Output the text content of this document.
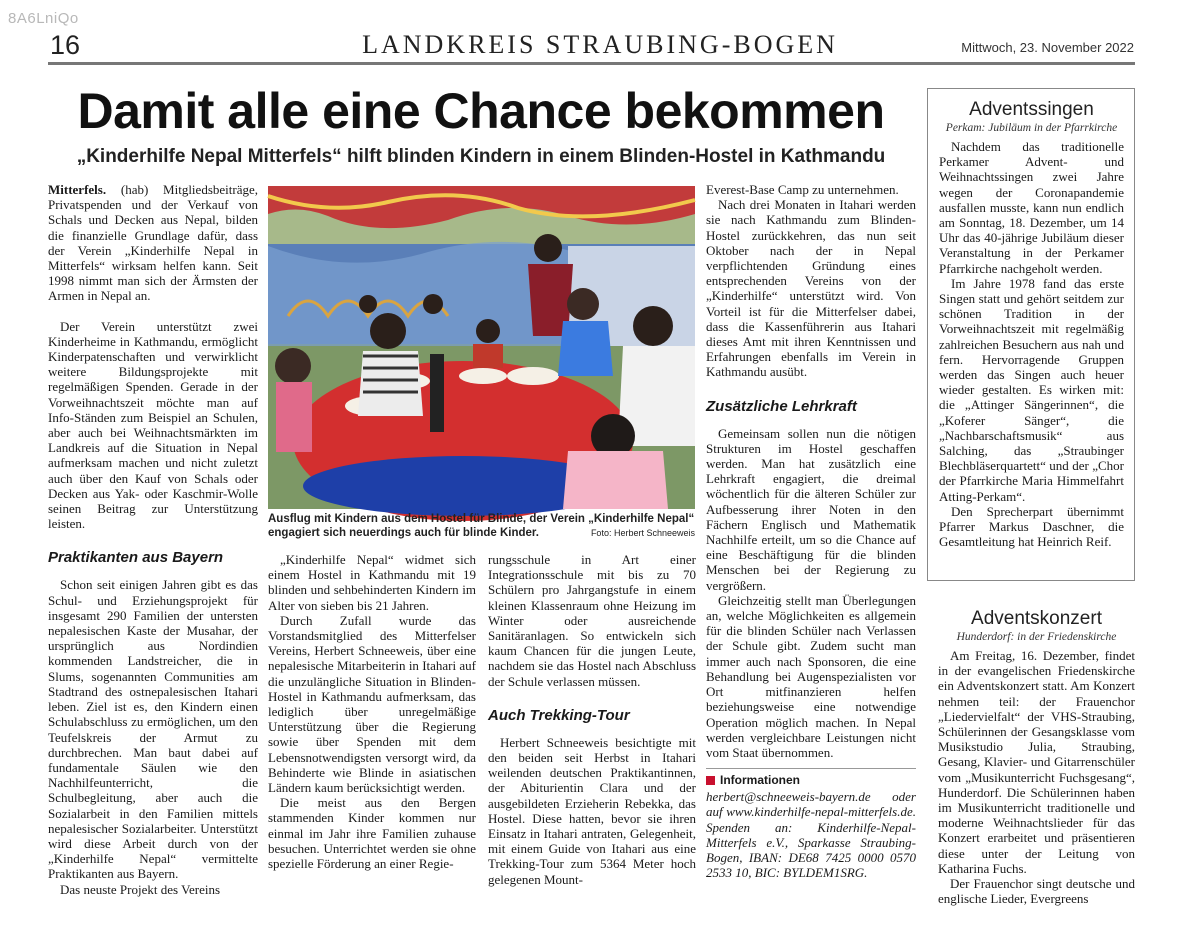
8A6LniQo
16	LANDKREIS STRAUBING-BOGEN	Mittwoch, 23. November 2022
Damit alle eine Chance bekommen
„Kinderhilfe Nepal Mitterfels“ hilft blinden Kindern in einem Blinden-Hostel in Kathmandu

Mitterfels. (hab) Mitgliedsbeiträge, Privatspenden und der Verkauf von Schals und Decken aus Nepal, bilden die finanzielle Grundlage dafür, dass der Verein „Kinderhilfe Nepal in Mitterfels“ wirksam helfen kann. Seit 1998 nimmt man sich der Ärmsten der Armen in Nepal an.

Der Verein unterstützt zwei Kinderheime in Kathmandu, ermöglicht Kinderpatenschaften und verwirklicht weitere Bildungsprojekte mit regelmäßigen Spenden. Gerade in der Vorweihnachtszeit möchte man auf Info-Ständen zum Beispiel an Schulen, aber auch bei Weihnachtsmärkten im Landkreis auf die Situation in Nepal aufmerksam machen und nicht zuletzt auch über den Kauf von Schals oder Decken aus Yak- oder Kaschmir-Wolle seinen Beitrag zur Unterstützung leisten.

Praktikanten aus Bayern

Schon seit einigen Jahren gibt es das Schul- und Erziehungsprojekt für insgesamt 290 Familien der untersten nepalesischen Kaste der Musahar, der ursprünglich aus Nordindien kommenden Landstreicher, die in Slums, sogenannten Communities am Stadtrand des ostnepalesischen Itahari leben. Ziel ist es, den Kindern einen Schulabschluss zu ermöglichen, um den Teufelskreis der Armut zu durchbrechen. Man baut dabei auf fundamentale Säulen wie den Nachhilfeunterricht, die Schulbegleitung, aber auch die Sozialarbeit in den Familien mittels nepalesischer Sozialarbeiter. Unterstützt wird diese Arbeit durch von der „Kinderhilfe Nepal“ vermittelte Praktikanten aus Bayern.

Das neuste Projekt des Vereins

Ausflug mit Kindern aus dem Hostel für Blinde, der Verein „Kinderhilfe Nepal“ engagiert sich neuerdings auch für blinde Kinder.	Foto: Herbert Schneeweis

„Kinderhilfe Nepal“ widmet sich einem Hostel in Kathmandu mit 19 blinden und sehbehinderten Kindern im Alter von sieben bis 21 Jahren.

Durch Zufall wurde das Vorstandsmitglied des Mitterfelser Vereins, Herbert Schneeweis, über eine nepalesische Mitarbeiterin in Itahari auf die unzulängliche Situation in Blinden-Hostel in Kathmandu aufmerksam, das lediglich über unregelmäßige Unterstützung über die Regierung sowie über Spenden mit dem Lebensnotwendigsten versorgt wird, da Behinderte wie Blinde in asiatischen Ländern kaum berücksichtigt werden.

Die meist aus den Bergen stammenden Kinder kommen nur einmal im Jahr ihre Familien zuhause besuchen. Unterrichtet werden sie ohne spezielle Förderung an einer Regie-

rungsschule in Art einer Integrationsschule mit bis zu 70 Schülern pro Jahrgangstufe in einem kleinen Klassenraum ohne Heizung im Winter oder ausreichende Sanitäranlagen. So entwickeln sich kaum Chancen für die jungen Leute, nachdem sie das Hostel nach Abschluss der Schule verlassen müssen.

Auch Trekking-Tour

Herbert Schneeweis besichtigte mit den beiden seit Herbst in Itahari weilenden deutschen Praktikantinnen, der Abiturientin Clara und der ausgebildeten Erzieherin Rebekka, das Hostel. Diese hatten, bevor sie ihren Einsatz in Itahari antraten, Gelegenheit, mit einem Guide von Itahari aus eine Trekking-Tour zum 5364 Meter hoch gelegenen Mount-

Everest-Base Camp zu unternehmen.

Nach drei Monaten in Itahari werden sie nach Kathmandu zum Blinden-Hostel zurückkehren, das nun seit Oktober nach der in Nepal verpflichtenden Gründung eines entsprechenden Vereins von der „Kinderhilfe“ unterstützt wird. Von Vorteil ist für die Mitterfelser dabei, dass die Kassenführerin aus Itahari dieses Amt mit ihren Kenntnissen und Erfahrungen ebenfalls im Verein in Kathmandu ausübt.

Zusätzliche Lehrkraft

Gemeinsam sollen nun die nötigen Strukturen im Hostel geschaffen werden. Man hat zusätzlich eine Lehrkraft engagiert, die dreimal wöchentlich für die älteren Schüler zur Aufbesserung ihrer Noten in den Fächern Englisch und Mathematik Nachhilfe erteilt, um so die Chance auf eine Beschäftigung für die blinden Menschen bei der Regierung zu vergrößern.

Gleichzeitig stellt man Überlegungen an, welche Möglichkeiten es allgemein für die blinden Schüler nach Verlassen der Schule gibt. Zudem sucht man immer auch nach Sponsoren, die eine Behandlung bei Augenspezialisten vor Ort mitfinanzieren helfen beziehungsweise eine notwendige Operation möglich machen. In Nepal werden vergleichbare Leistungen nicht vom Staat übernommen.

Informationen

herbert@schneeweis-bayern.de oder auf www.kinderhilfe-nepal-mitterfels.de. Spenden an: Kinderhilfe-Nepal-Mitterfels e.V., Sparkasse Straubing-Bogen, IBAN: DE68 7425 0000 0570 2533 10, BIC: BYLDEM1SRG.

Adventssingen
Perkam: Jubiläum in der Pfarrkirche

Nachdem das traditionelle Perkamer Advent- und Weihnachtssingen zwei Jahre wegen der Coronapandemie ausfallen musste, kann nun endlich am Sonntag, 18. Dezember, um 14 Uhr das 40-jährige Jubiläum dieser Veranstaltung in der Perkamer Pfarrkirche nachgeholt werden.

Im Jahre 1978 fand das erste Singen statt und gehört seitdem zur schönen Tradition in der Vorweihnachtszeit mit regelmäßig zahlreichen Besuchern aus nah und fern. Hervorragende Gruppen werden das Singen auch heuer wieder gestalten. Es wirken mit: die „Attinger Sängerinnen“, die „Koferer Sänger“, die „Nachbarschaftsmusik“ aus Salching, das „Straubinger Blechbläserquartett“ und der „Chor der Pfarrkirche Maria Himmelfahrt Atting-Perkam“.

Den Sprecherpart übernimmt Pfarrer Markus Daschner, die Gesamtleitung hat Heinrich Reif.

Adventskonzert
Hunderdorf: in der Friedenskirche

Am Freitag, 16. Dezember, findet in der evangelischen Friedenskirche ein Adventskonzert statt. Am Konzert nehmen teil: der Frauenchor „Liedervielfalt“ der VHS-Straubing, Schülerinnen der Gesangsklasse vom Musikstudio Julia, Straubing, Gesang, Klavier- und Gitarrenschüler vom „Musikunterricht Fuchsgesang“, Hunderdorf. Die Schülerinnen haben im Musikunterricht traditionelle und moderne Weihnachtslieder für das Konzert erarbeitet und präsentieren diese unter der Leitung von Katharina Fuchs.

Der Frauenchor singt deutsche und englische Lieder, Evergreens
